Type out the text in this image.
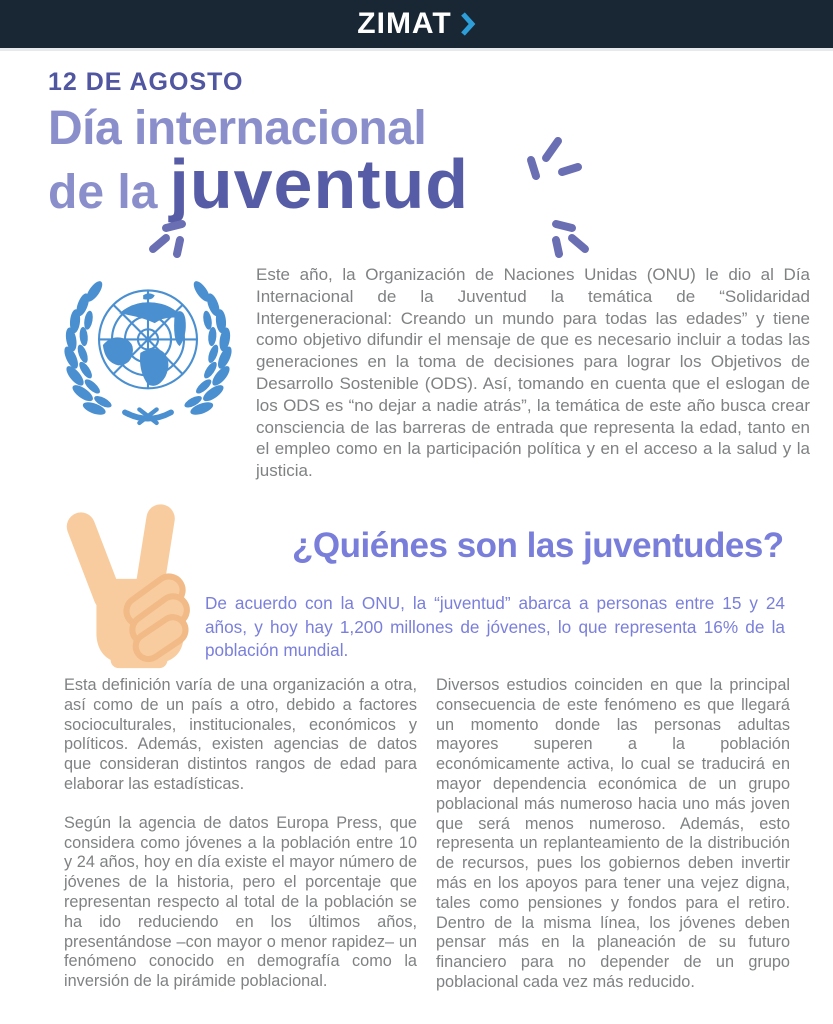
ZIMAT
12 DE AGOSTO
Día internacional
de la juventud
Este año, la Organización de Naciones Unidas (ONU) le dio al Día Internacional de la Juventud la temática de “Solidaridad Intergeneracional: Creando un mundo para todas las edades” y tiene como objetivo difundir el mensaje de que es necesario incluir a todas las generaciones en la toma de decisiones para lograr los Objetivos de Desarrollo Sostenible (ODS). Así, tomando en cuenta que el eslogan de los ODS es “no dejar a nadie atrás”, la temática de este año busca crear consciencia de las barreras de entrada que representa la edad, tanto en el empleo como en la participación política y en el acceso a la salud y la justicia.
¿Quiénes son las juventudes?
De acuerdo con la ONU, la “juventud” abarca a personas entre 15 y 24 años, y hoy hay 1,200 millones de jóvenes, lo que representa 16% de la población mundial.

Esta definición varía de una organización a otra, así como de un país a otro, debido a factores socioculturales, institucionales, económicos y políticos. Además, existen agencias de datos que consideran distintos rangos de edad para elaborar las estadísticas.

Según la agencia de datos Europa Press, que considera como jóvenes a la población entre 10 y 24 años, hoy en día existe el mayor número de jóvenes de la historia, pero el porcentaje que representan respecto al total de la población se ha ido reduciendo en los últimos años, presentándose –con mayor o menor rapidez– un fenómeno conocido en demografía como la inversión de la pirámide poblacional.

Diversos estudios coinciden en que la principal consecuencia de este fenómeno es que llegará un momento donde las personas adultas mayores superen a la población económicamente activa, lo cual se traducirá en mayor dependencia económica de un grupo poblacional más numeroso hacia uno más joven que será menos numeroso. Además, esto representa un replanteamiento de la distribución de recursos, pues los gobiernos deben invertir más en los apoyos para tener una vejez digna, tales como pensiones y fondos para el retiro. Dentro de la misma línea, los jóvenes deben pensar más en la planeación de su futuro financiero para no depender de un grupo poblacional cada vez más reducido.
